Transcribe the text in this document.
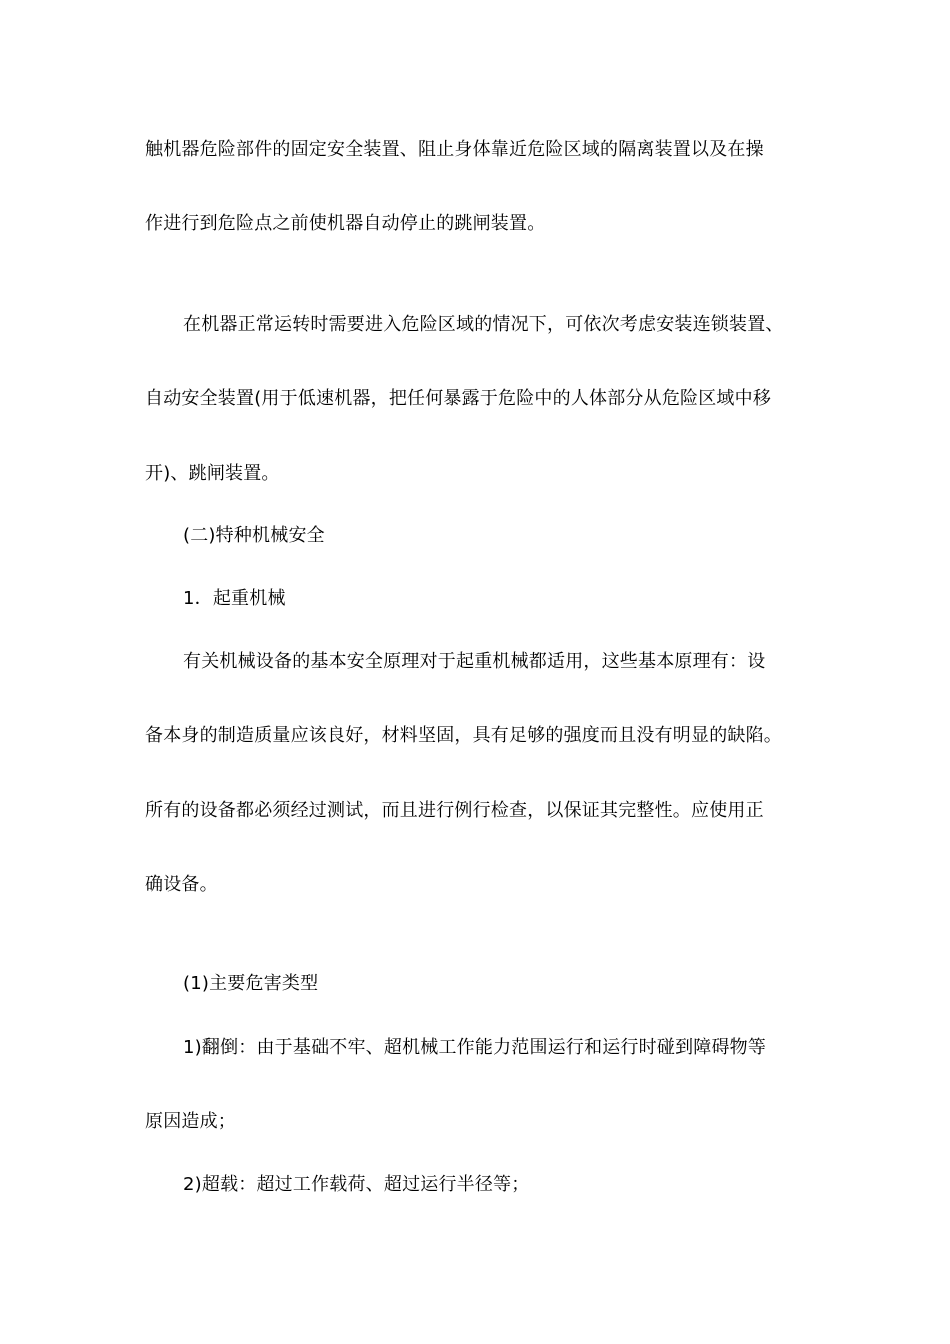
触机器危险部件的固定安全装置、阻止身体靠近危险区域的隔离装置以及在操
作进行到危险点之前使机器自动停止的跳闸装置。
在机器正常运转时需要进入危险区域的情况下，可依次考虑安装连锁装置、
自动安全装置(用于低速机器，把任何暴露于危险中的人体部分从危险区域中移
开)、跳闸装置。
(二)特种机械安全
1．起重机械
有关机械设备的基本安全原理对于起重机械都适用，这些基本原理有：设
备本身的制造质量应该良好，材料坚固，具有足够的强度而且没有明显的缺陷。
所有的设备都必须经过测试，而且进行例行检查，以保证其完整性。应使用正
确设备。
(1)主要危害类型
1)翻倒：由于基础不牢、超机械工作能力范围运行和运行时碰到障碍物等
原因造成；
2)超载：超过工作载荷、超过运行半径等；
